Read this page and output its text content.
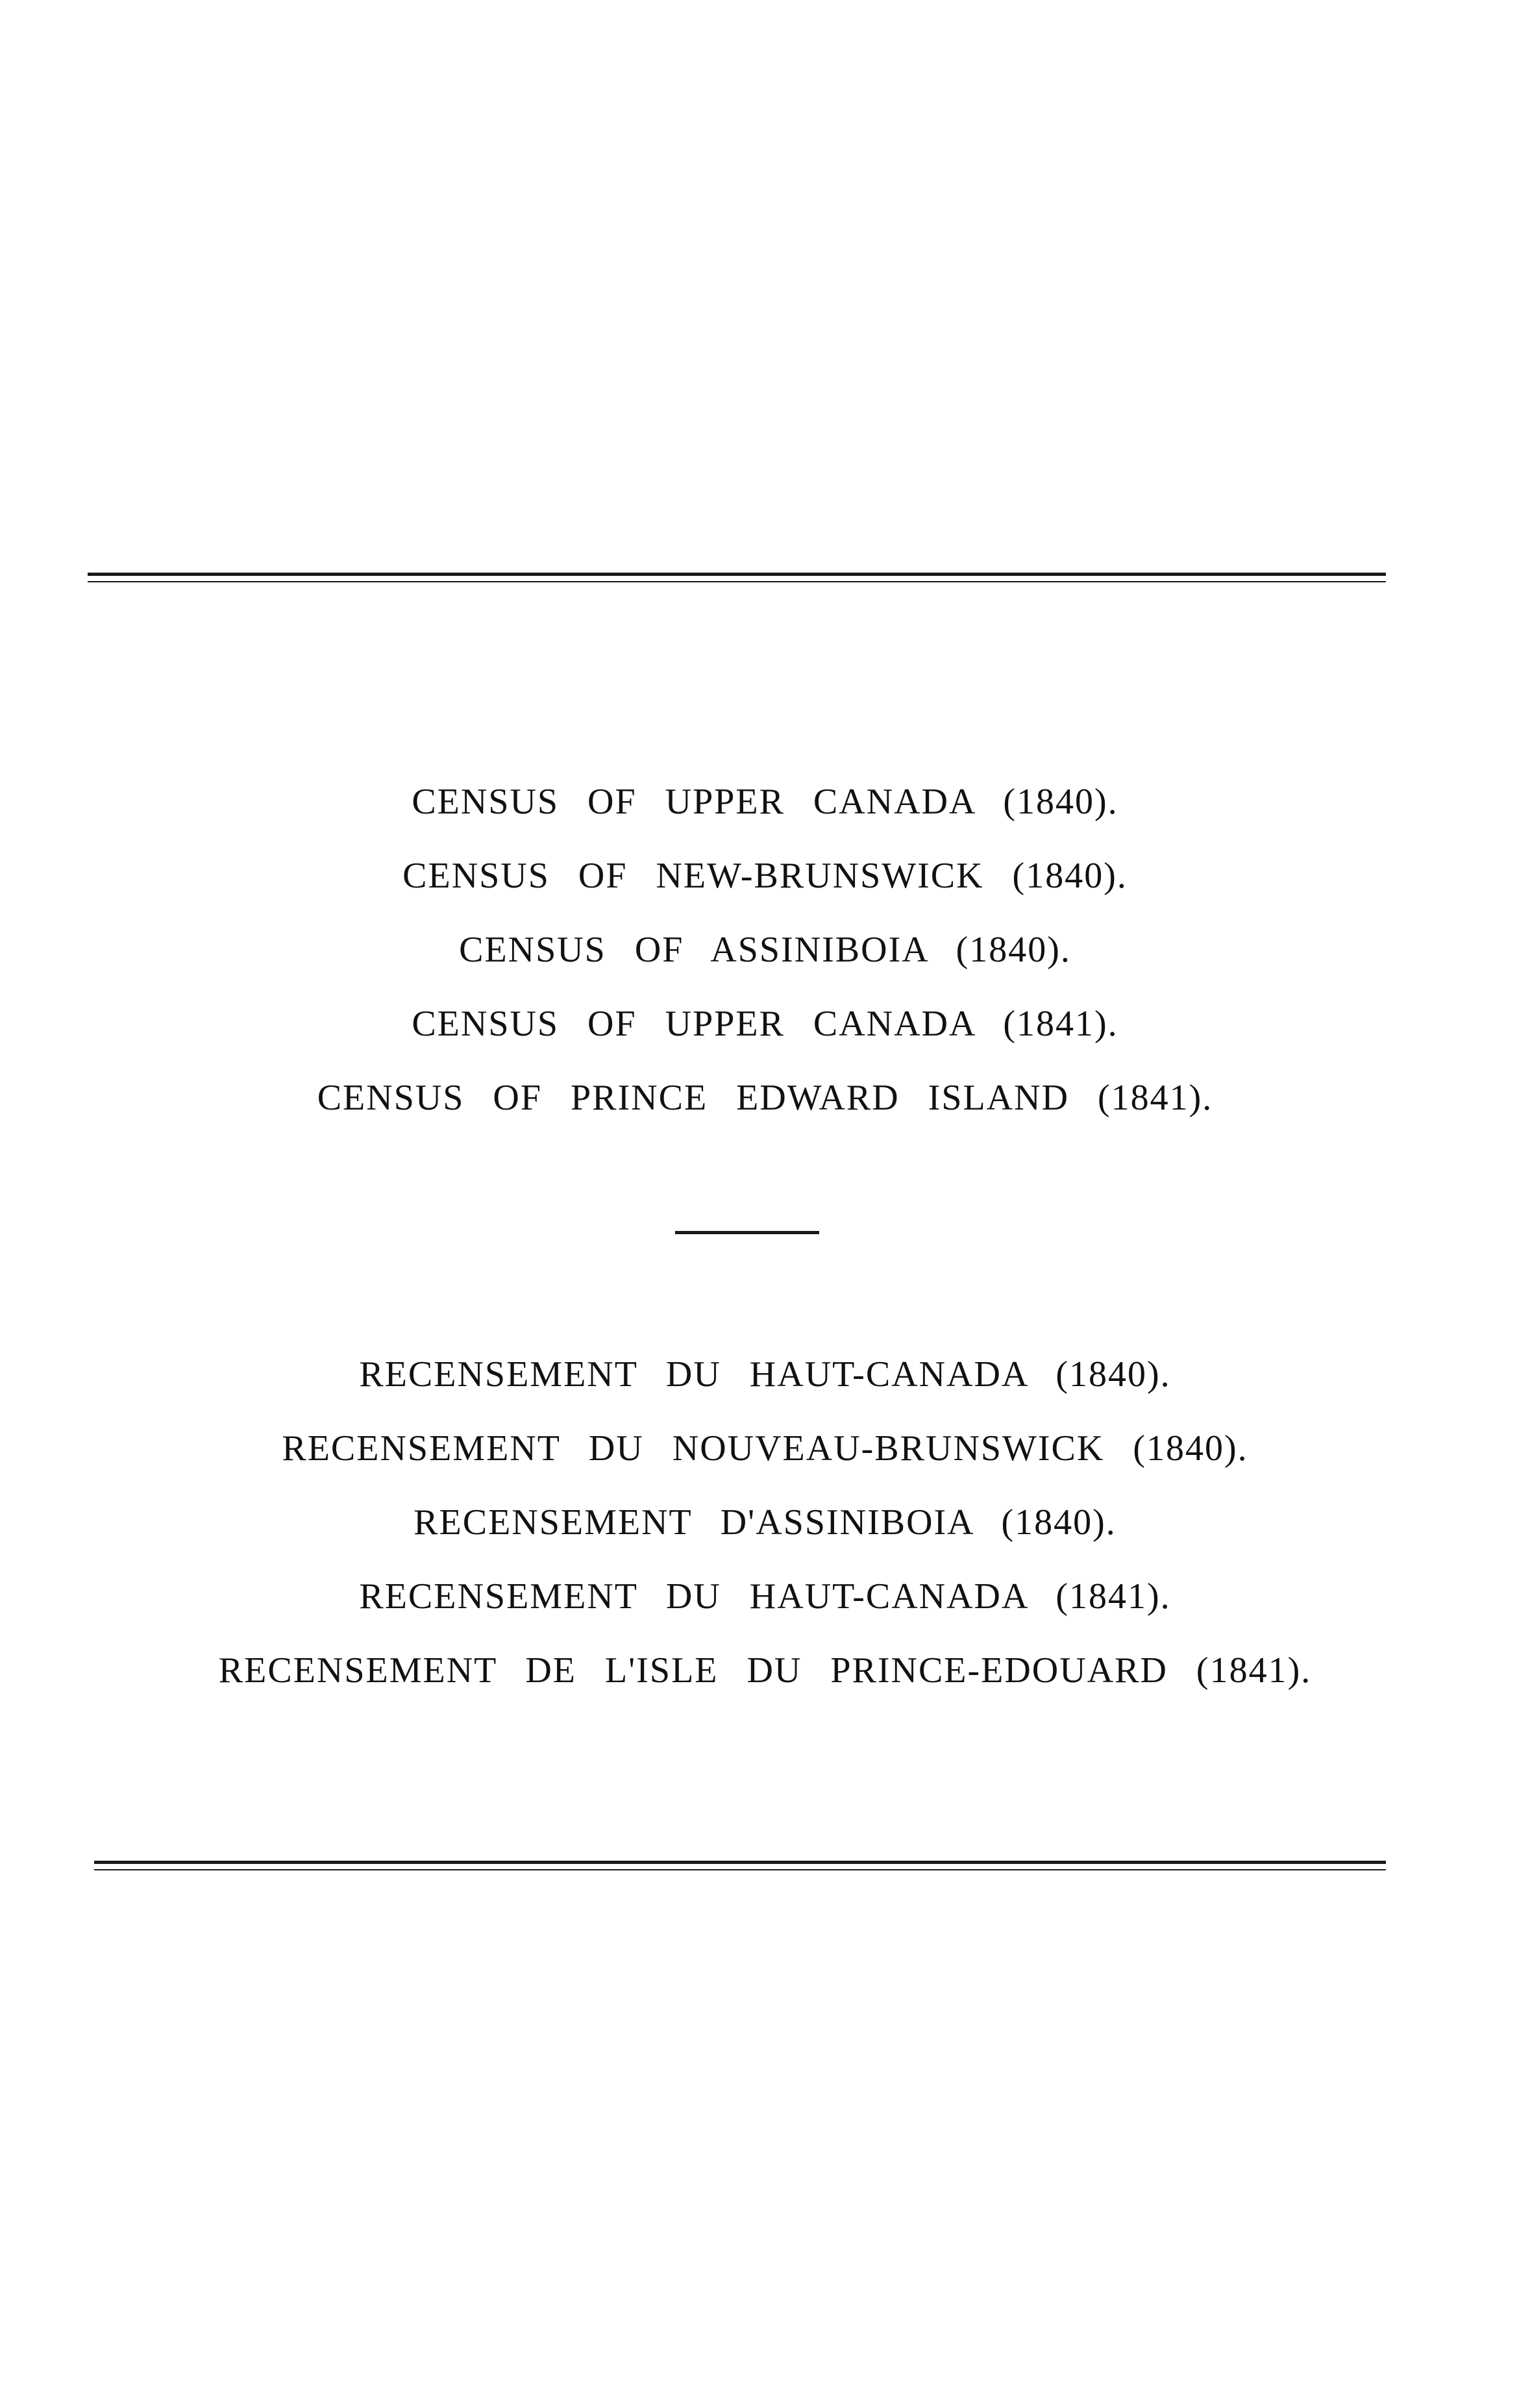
CENSUS OF UPPER CANADA (1840).
CENSUS OF NEW-BRUNSWICK (1840).
CENSUS OF ASSINIBOIA (1840).
CENSUS OF UPPER CANADA (1841).
CENSUS OF PRINCE EDWARD ISLAND (1841).
RECENSEMENT DU HAUT-CANADA (1840).
RECENSEMENT DU NOUVEAU-BRUNSWICK (1840).
RECENSEMENT D'ASSINIBOIA (1840).
RECENSEMENT DU HAUT-CANADA (1841).
RECENSEMENT DE L'ISLE DU PRINCE-EDOUARD (1841).
